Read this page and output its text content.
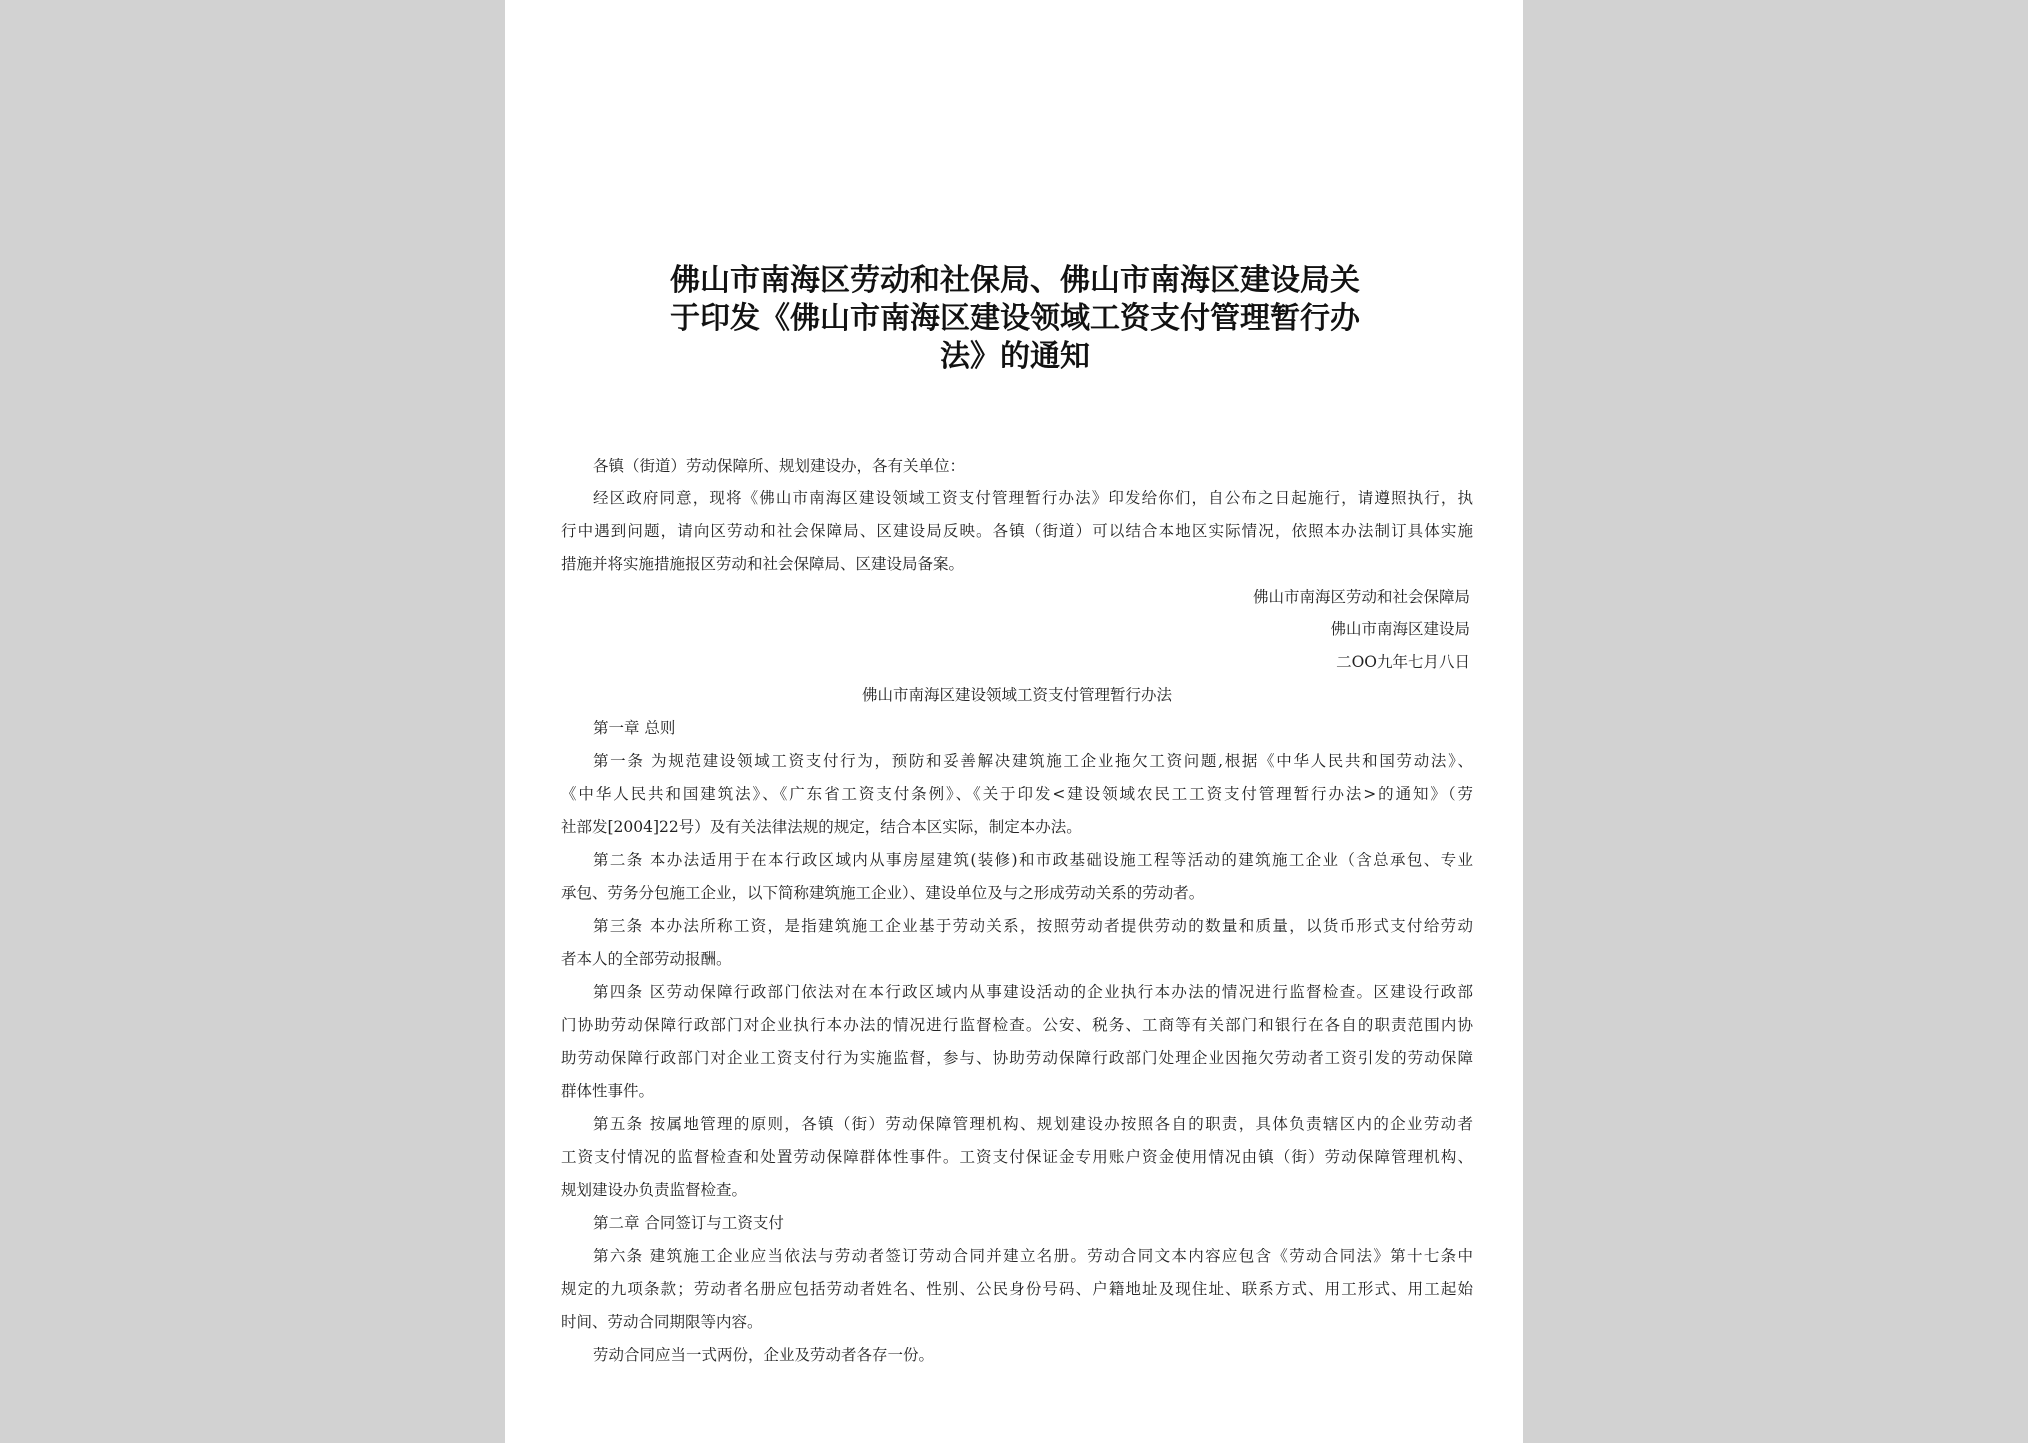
佛山市南海区劳动和社保局、佛山市南海区建设局关
于印发《佛山市南海区建设领域工资支付管理暂行办
法》的通知
各镇（街道）劳动保障所、规划建设办，各有关单位：
经区政府同意，现将《佛山市南海区建设领域工资支付管理暂行办法》印发给你们，自公布之日起施行，请遵照执行，执
行中遇到问题，请向区劳动和社会保障局、区建设局反映。各镇（街道）可以结合本地区实际情况，依照本办法制订具体实施
措施并将实施措施报区劳动和社会保障局、区建设局备案。
佛山市南海区劳动和社会保障局
佛山市南海区建设局
二OO九年七月八日
佛山市南海区建设领域工资支付管理暂行办法
第一章 总则
第一条 为规范建设领域工资支付行为，预防和妥善解决建筑施工企业拖欠工资问题,根据《中华人民共和国劳动法》、
《中华人民共和国建筑法》、《广东省工资支付条例》、《关于印发<建设领域农民工工资支付管理暂行办法>的通知》（劳
社部发[2004]22号）及有关法律法规的规定，结合本区实际，制定本办法。
第二条 本办法适用于在本行政区域内从事房屋建筑(装修)和市政基础设施工程等活动的建筑施工企业（含总承包、专业
承包、劳务分包施工企业，以下简称建筑施工企业）、建设单位及与之形成劳动关系的劳动者。
第三条 本办法所称工资，是指建筑施工企业基于劳动关系，按照劳动者提供劳动的数量和质量，以货币形式支付给劳动
者本人的全部劳动报酬。
第四条 区劳动保障行政部门依法对在本行政区域内从事建设活动的企业执行本办法的情况进行监督检查。区建设行政部
门协助劳动保障行政部门对企业执行本办法的情况进行监督检查。公安、税务、工商等有关部门和银行在各自的职责范围内协
助劳动保障行政部门对企业工资支付行为实施监督，参与、协助劳动保障行政部门处理企业因拖欠劳动者工资引发的劳动保障
群体性事件。
第五条 按属地管理的原则，各镇（街）劳动保障管理机构、规划建设办按照各自的职责，具体负责辖区内的企业劳动者
工资支付情况的监督检查和处置劳动保障群体性事件。工资支付保证金专用账户资金使用情况由镇（街）劳动保障管理机构、
规划建设办负责监督检查。
第二章 合同签订与工资支付
第六条 建筑施工企业应当依法与劳动者签订劳动合同并建立名册。劳动合同文本内容应包含《劳动合同法》第十七条中
规定的九项条款；劳动者名册应包括劳动者姓名、性别、公民身份号码、户籍地址及现住址、联系方式、用工形式、用工起始
时间、劳动合同期限等内容。
劳动合同应当一式两份，企业及劳动者各存一份。
